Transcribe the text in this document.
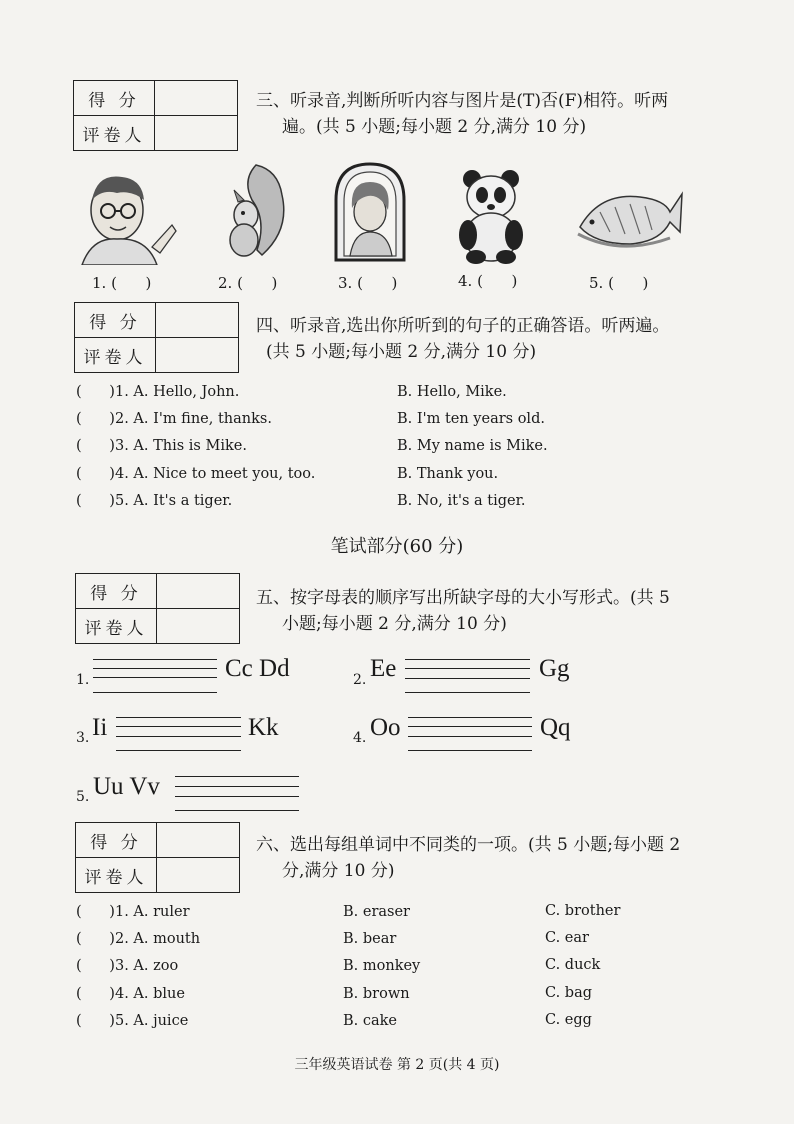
得 分	
评卷人	
三、听录音,判断所听内容与图片是(T)否(F)相符。听两
遍。(共 5 小题;每小题 2 分,满分 10 分)
1. (      )	2. (      )	3. (      )	4. (      )	5. (      )
得 分	
评卷人	
四、听录音,选出你所听到的句子的正确答语。听两遍。
(共 5 小题;每小题 2 分,满分 10 分)
(      )1. A. Hello, John.	B. Hello, Mike.
(      )2. A. I'm fine, thanks.	B. I'm ten years old.
(      )3. A. This is Mike.	B. My name is Mike.
(      )4. A. Nice to meet you, too.	B. Thank you.
(      )5. A. It's a tiger.	B. No, it's a tiger.
笔试部分(60 分)
得 分	
评卷人	
五、按字母表的顺序写出所缺字母的大小写形式。(共 5
小题;每小题 2 分,满分 10 分)
1.	Cc Dd	2. Ee	Gg
3. Ii	Kk	4. Oo	Qq
5. Uu Vv
得 分	
评卷人	
六、选出每组单词中不同类的一项。(共 5 小题;每小题 2
分,满分 10 分)
(      )1. A. ruler	B. eraser	C. brother
(      )2. A. mouth	B. bear	C. ear
(      )3. A. zoo	B. monkey	C. duck
(      )4. A. blue	B. brown	C. bag
(      )5. A. juice	B. cake	C. egg
三年级英语试卷 第 2 页(共 4 页)
